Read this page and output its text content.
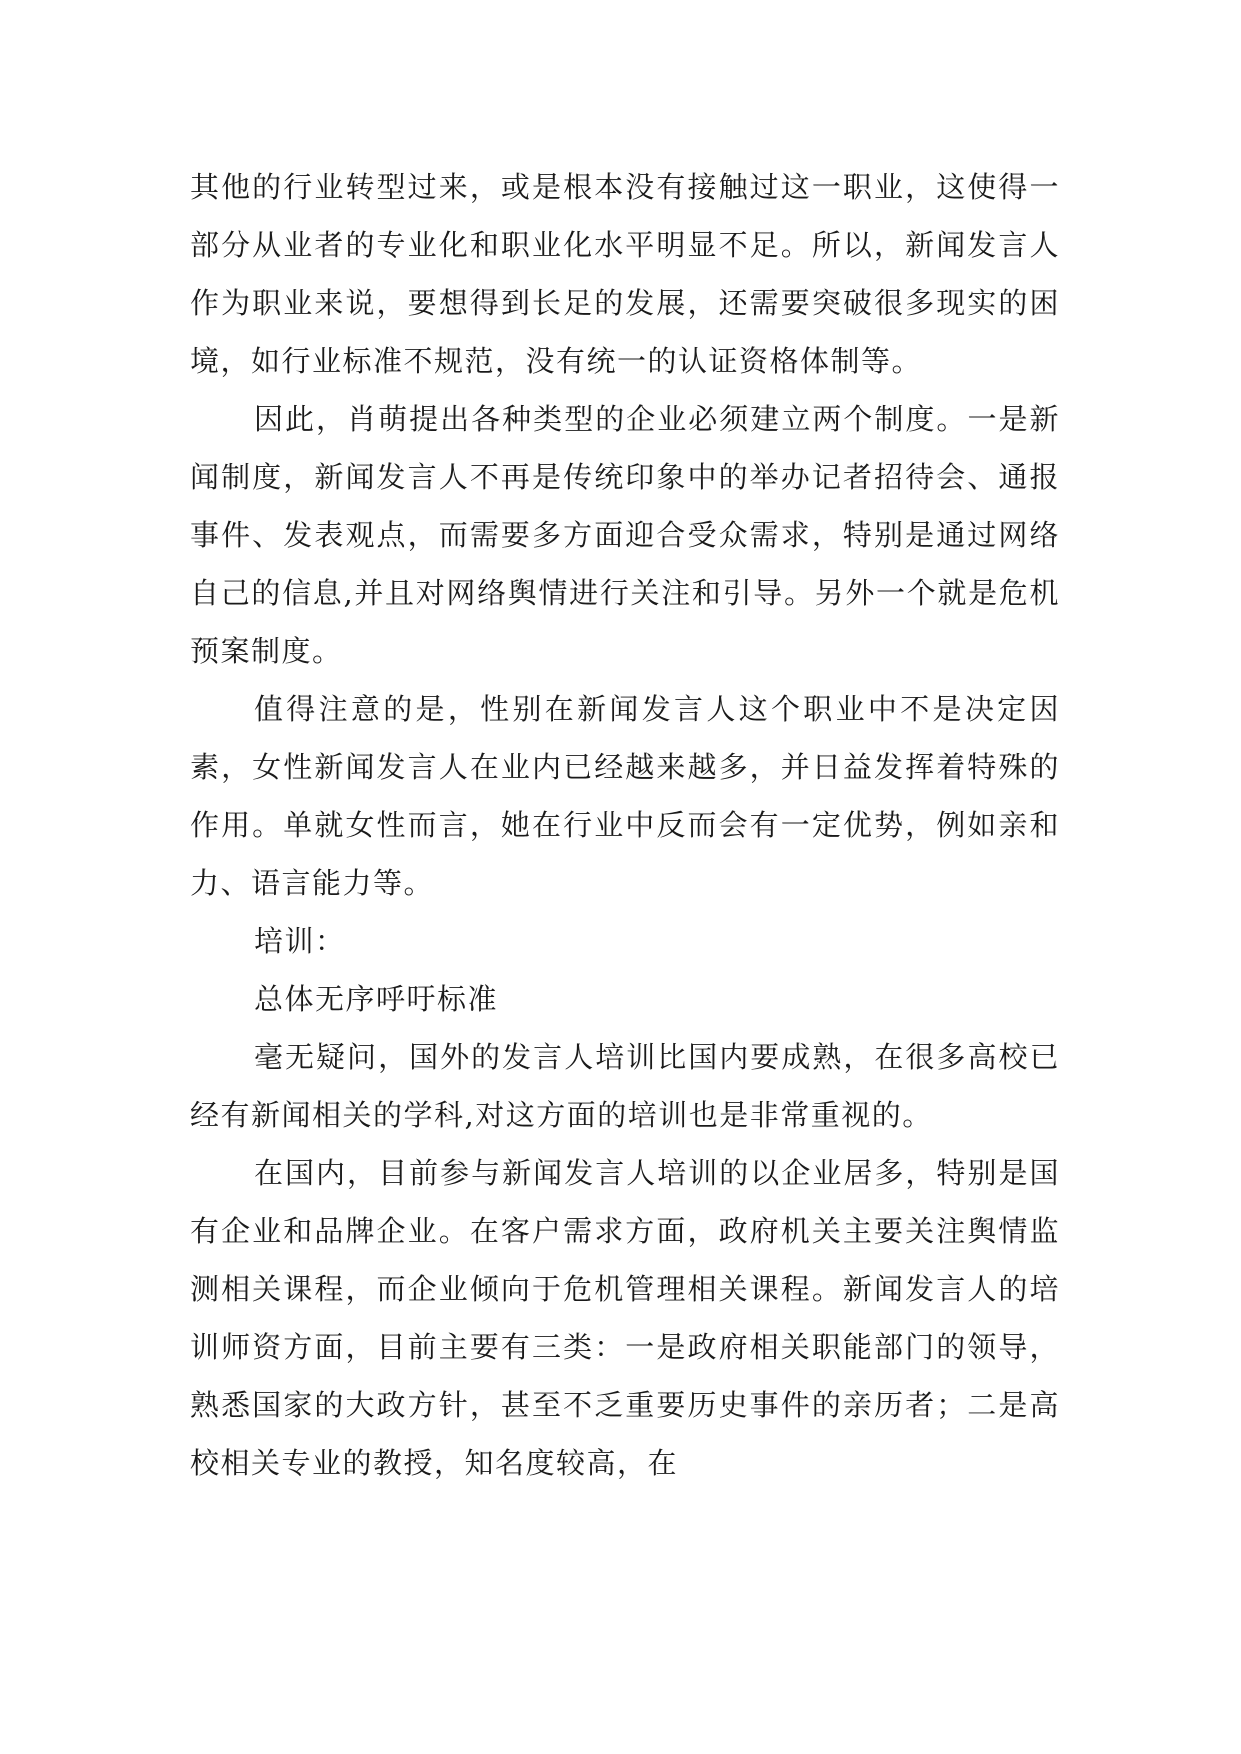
其他的行业转型过来，或是根本没有接触过这一职业，这使得一部分从业者的专业化和职业化水平明显不足。所以，新闻发言人作为职业来说，要想得到长足的发展，还需要突破很多现实的困境，如行业标准不规范，没有统一的认证资格体制等。

因此，肖萌提出各种类型的企业必须建立两个制度。一是新闻制度，新闻发言人不再是传统印象中的举办记者招待会、通报事件、发表观点，而需要多方面迎合受众需求，特别是通过网络自己的信息,并且对网络舆情进行关注和引导。另外一个就是危机预案制度。

值得注意的是，性别在新闻发言人这个职业中不是决定因素，女性新闻发言人在业内已经越来越多，并日益发挥着特殊的作用。单就女性而言，她在行业中反而会有一定优势，例如亲和力、语言能力等。

培训：

总体无序呼吁标准

毫无疑问，国外的发言人培训比国内要成熟，在很多高校已经有新闻相关的学科,对这方面的培训也是非常重视的。

在国内，目前参与新闻发言人培训的以企业居多，特别是国有企业和品牌企业。在客户需求方面，政府机关主要关注舆情监测相关课程，而企业倾向于危机管理相关课程。新闻发言人的培训师资方面，目前主要有三类：一是政府相关职能部门的领导，熟悉国家的大政方针，甚至不乏重要历史事件的亲历者；二是高校相关专业的教授，知名度较高，在
